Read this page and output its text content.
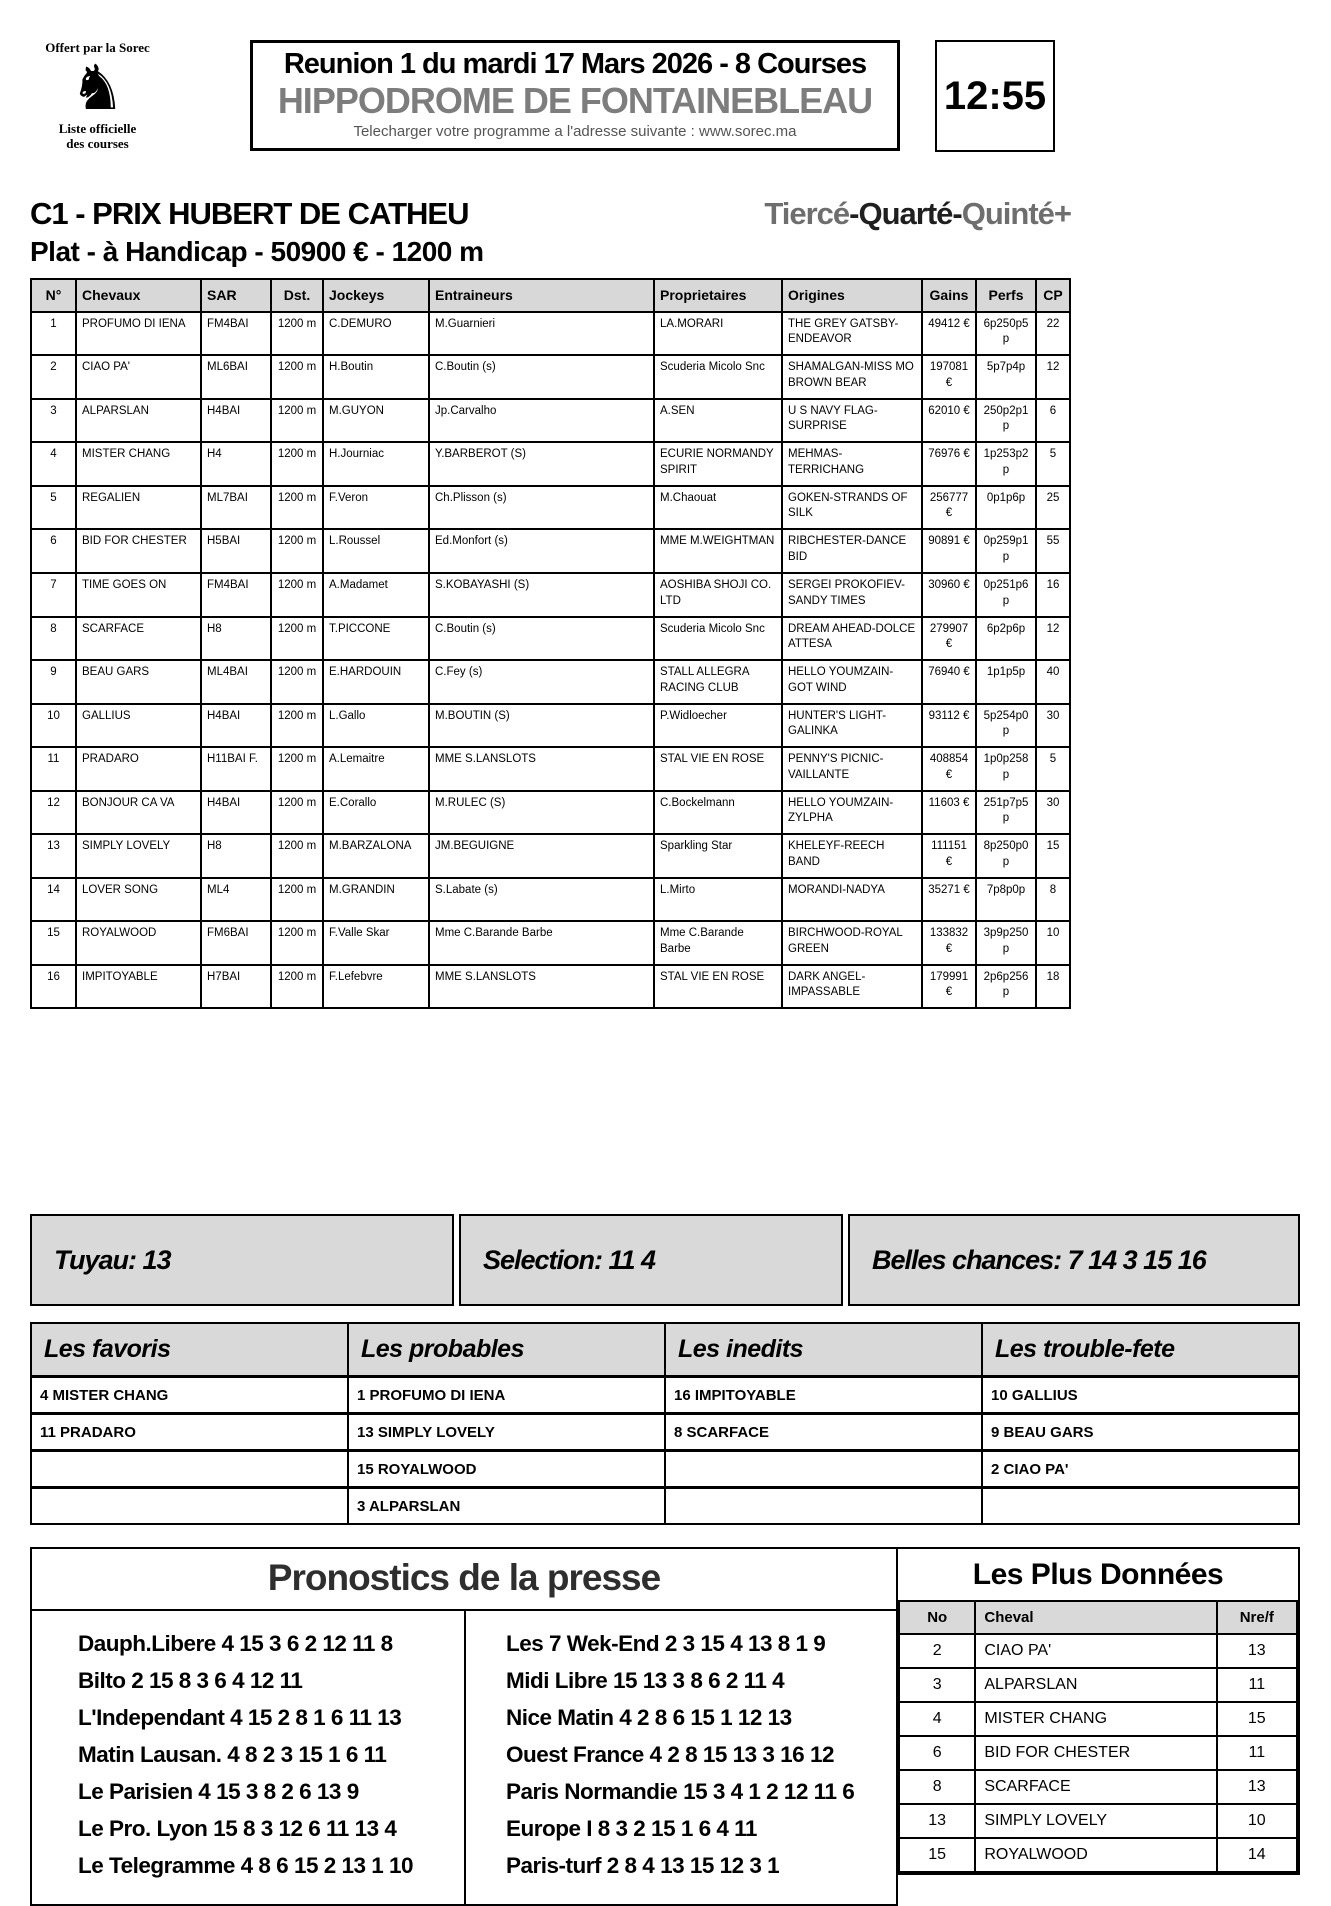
Offert par la Sorec
♞
Liste officielle
des courses
Reunion 1 du mardi 17 Mars 2026 - 8 Courses
HIPPODROME DE FONTAINEBLEAU
Telecharger votre programme a l'adresse suivante : www.sorec.ma
12:55
C1 - PRIX HUBERT DE CATHEU	Tiercé-Quarté-Quinté+
Plat - à Handicap - 50900 € - 1200 m
N°	Chevaux	SAR	Dst.	Jockeys	Entraineurs	Proprietaires	Origines	Gains	Perfs	CP
1	PROFUMO DI IENA	FM4BAI	1200 m	C.DEMURO	M.Guarnieri	LA.MORARI	THE GREY GATSBY-ENDEAVOR	49412 €	6p250p5p	22
2	CIAO PA'	ML6BAI	1200 m	H.Boutin	C.Boutin (s)	Scuderia Micolo Snc	SHAMALGAN-MISS MO BROWN BEAR	197081 €	5p7p4p	12
3	ALPARSLAN	H4BAI	1200 m	M.GUYON	Jp.Carvalho	A.SEN	U S NAVY FLAG-SURPRISE	62010 €	250p2p1p	6
4	MISTER CHANG	H4	1200 m	H.Journiac	Y.BARBEROT (S)	ECURIE NORMANDY SPIRIT	MEHMAS-TERRICHANG	76976 €	1p253p2p	5
5	REGALIEN	ML7BAI	1200 m	F.Veron	Ch.Plisson (s)	M.Chaouat	GOKEN-STRANDS OF SILK	256777 €	0p1p6p	25
6	BID FOR CHESTER	H5BAI	1200 m	L.Roussel	Ed.Monfort (s)	MME M.WEIGHTMAN	RIBCHESTER-DANCE BID	90891 €	0p259p1p	55
7	TIME GOES ON	FM4BAI	1200 m	A.Madamet	S.KOBAYASHI (S)	AOSHIBA SHOJI CO. LTD	SERGEI PROKOFIEV-SANDY TIMES	30960 €	0p251p6p	16
8	SCARFACE	H8	1200 m	T.PICCONE	C.Boutin (s)	Scuderia Micolo Snc	DREAM AHEAD-DOLCE ATTESA	279907 €	6p2p6p	12
9	BEAU GARS	ML4BAI	1200 m	E.HARDOUIN	C.Fey (s)	STALL ALLEGRA RACING CLUB	HELLO YOUMZAIN-GOT WIND	76940 €	1p1p5p	40
10	GALLIUS	H4BAI	1200 m	L.Gallo	M.BOUTIN (S)	P.Widloecher	HUNTER'S LIGHT-GALINKA	93112 €	5p254p0p	30
11	PRADARO	H11BAI F.	1200 m	A.Lemaitre	MME S.LANSLOTS	STAL VIE EN ROSE	PENNY'S PICNIC-VAILLANTE	408854 €	1p0p258p	5
12	BONJOUR CA VA	H4BAI	1200 m	E.Corallo	M.RULEC (S)	C.Bockelmann	HELLO YOUMZAIN-ZYLPHA	11603 €	251p7p5p	30
13	SIMPLY LOVELY	H8	1200 m	M.BARZALONA	JM.BEGUIGNE	Sparkling Star	KHELEYF-REECH BAND	111151 €	8p250p0p	15
14	LOVER SONG	ML4	1200 m	M.GRANDIN	S.Labate (s)	L.Mirto	MORANDI-NADYA	35271 €	7p8p0p	8
15	ROYALWOOD	FM6BAI	1200 m	F.Valle Skar	Mme C.Barande Barbe	Mme C.Barande Barbe	BIRCHWOOD-ROYAL GREEN	133832 €	3p9p250p	10
16	IMPITOYABLE	H7BAI	1200 m	F.Lefebvre	MME S.LANSLOTS	STAL VIE EN ROSE	DARK ANGEL-IMPASSABLE	179991 €	2p6p256p	18
Tuyau: 13	Selection: 11 4	Belles chances: 7 14 3 15 16
Les favoris	Les probables	Les inedits	Les trouble-fete
4 MISTER CHANG	1 PROFUMO DI IENA	16 IMPITOYABLE	10 GALLIUS
11 PRADARO	13 SIMPLY LOVELY	8 SCARFACE	9 BEAU GARS
	15 ROYALWOOD		2 CIAO PA'
	3 ALPARSLAN		
Pronostics de la presse
Dauph.Libere 4 15 3 6 2 12 11 8
Bilto 2 15 8 3 6 4 12 11
L'Independant 4 15 2 8 1 6 11 13
Matin Lausan. 4 8 2 3 15 1 6 11
Le Parisien 4 15 3 8 2 6 13 9
Le Pro. Lyon 15 8 3 12 6 11 13 4
Le Telegramme 4 8 6 15 2 13 1 10
Les 7 Wek-End 2 3 15 4 13 8 1 9
Midi Libre 15 13 3 8 6 2 11 4
Nice Matin 4 2 8 6 15 1 12 13
Ouest France 4 2 8 15 13 3 16 12
Paris Normandie 15 3 4 1 2 12 11 6
Europe I 8 3 2 15 1 6 4 11
Paris-turf 2 8 4 13 15 12 3 1
Les Plus Données
No	Cheval	Nre/f
2	CIAO PA'	13
3	ALPARSLAN	11
4	MISTER CHANG	15
6	BID FOR CHESTER	11
8	SCARFACE	13
13	SIMPLY LOVELY	10
15	ROYALWOOD	14
